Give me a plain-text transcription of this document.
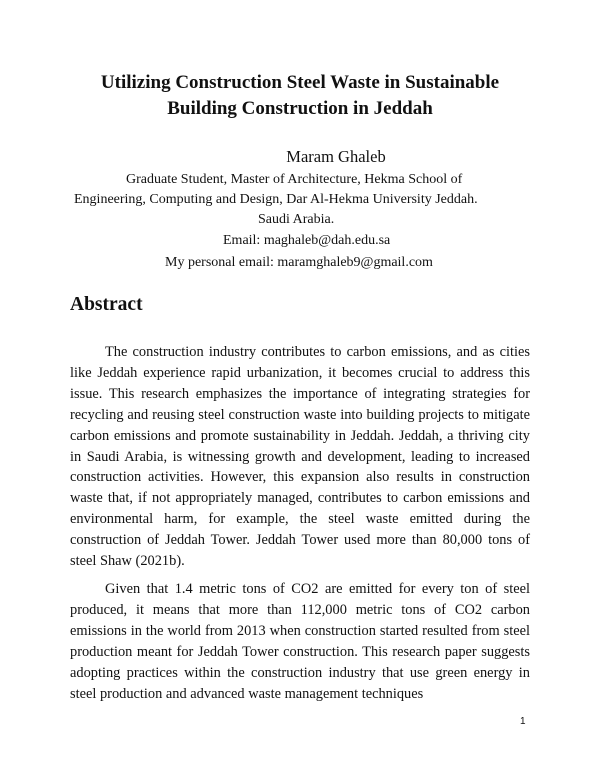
Utilizing Construction Steel Waste in Sustainable
Building Construction in Jeddah

Maram Ghaleb

Graduate Student, Master of Architecture, Hekma School of

Engineering, Computing and Design, Dar Al-Hekma University Jeddah.

Saudi Arabia.

Email: maghaleb@dah.edu.sa

My personal email: maramghaleb9@gmail.com

Abstract

The construction industry contributes to carbon emissions, and as cities like Jeddah experience rapid urbanization, it becomes crucial to address this issue. This research emphasizes the importance of integrating strategies for recycling and reusing steel construction waste into building projects to mitigate carbon emissions and promote sustainability in Jeddah. Jeddah, a thriving city in Saudi Arabia, is witnessing growth and development, leading to increased construction activities. However, this expansion also results in construction waste that, if not appropriately managed, contributes to carbon emissions and environmental harm, for example, the steel waste emitted during the construction of Jeddah Tower. Jeddah Tower used more than 80,000 tons of steel Shaw (2021b).

Given that 1.4 metric tons of CO2 are emitted for every ton of steel produced, it means that more than 112,000 metric tons of CO2 carbon emissions in the world from 2013 when construction started resulted from steel production meant for Jeddah Tower construction. This research paper suggests adopting practices within the construction industry that use green energy in steel production and advanced waste management techniques

1
